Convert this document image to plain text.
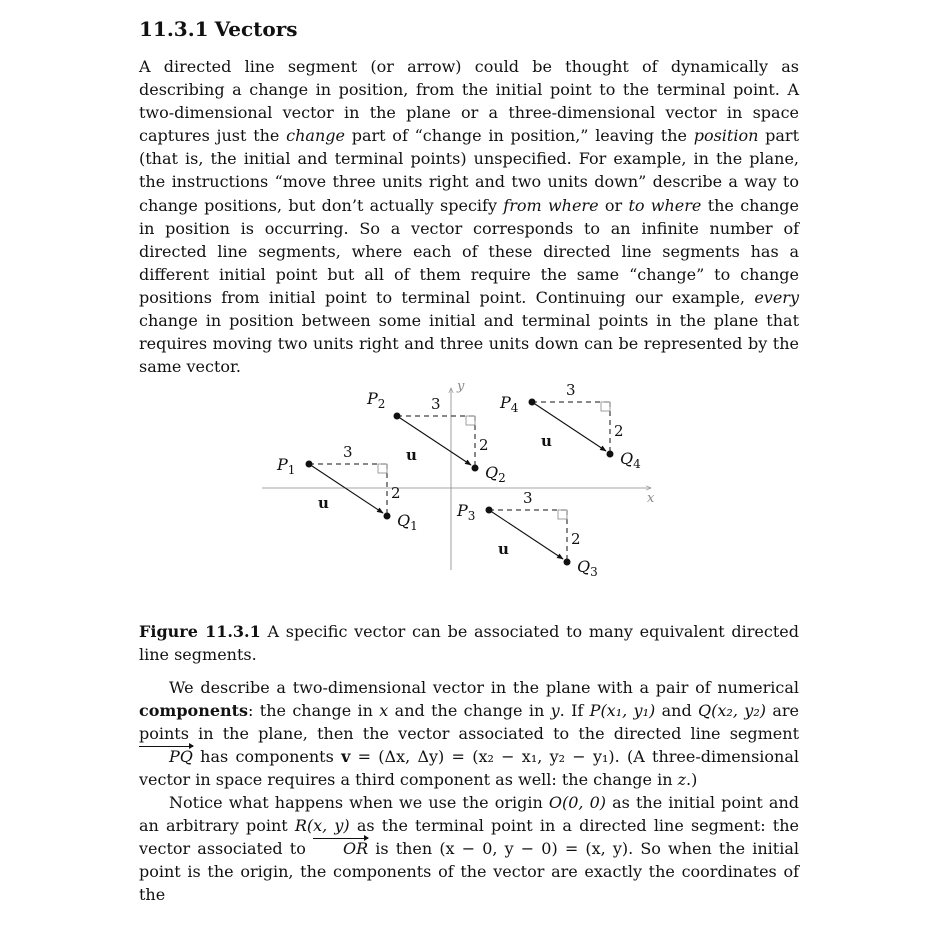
11.3.1 Vectors

A directed line segment (or arrow) could be thought of dynamically as describing a change in position, from the initial point to the terminal point. A two-dimensional vector in the plane or a three-dimensional vector in space captures just the change part of “change in position,” leaving the position part (that is, the initial and terminal points) unspecified. For example, in the plane, the instructions “move three units right and two units down” describe a way to change positions, but don’t actually specify from where or to where the change in position is occurring. So a vector corresponds to an infinite number of directed line segments, where each of these directed line segments has a different initial point but all of them require the same “change” to change positions from initial point to terminal point. Continuing our example, every change in position between some initial and terminal points in the plane that requires moving two units right and three units down can be represented by the same vector.

x
y
3
2
u
$P_1$
$Q_1$
3
2
u
$P_2$
$Q_2$
3
2
u
$P_3$
$Q_3$
3
2
u
$P_4$
$Q_4$

Figure 11.3.1 A specific vector can be associated to many equivalent directed line segments.

We describe a two-dimensional vector in the plane with a pair of numerical components: the change in x and the change in y. If P(x₁, y₁) and Q(x₂, y₂) are points in the plane, then the vector associated to the directed line segment PQ has components v = (Δx, Δy) = (x₂ − x₁, y₂ − y₁). (A three-dimensional vector in space requires a third component as well: the change in z.)

Notice what happens when we use the origin O(0, 0) as the initial point and an arbitrary point R(x, y) as the terminal point in a directed line segment: the vector associated to OR is then (x − 0, y − 0) = (x, y). So when the initial point is the origin, the components of the vector are exactly the coordinates of the
